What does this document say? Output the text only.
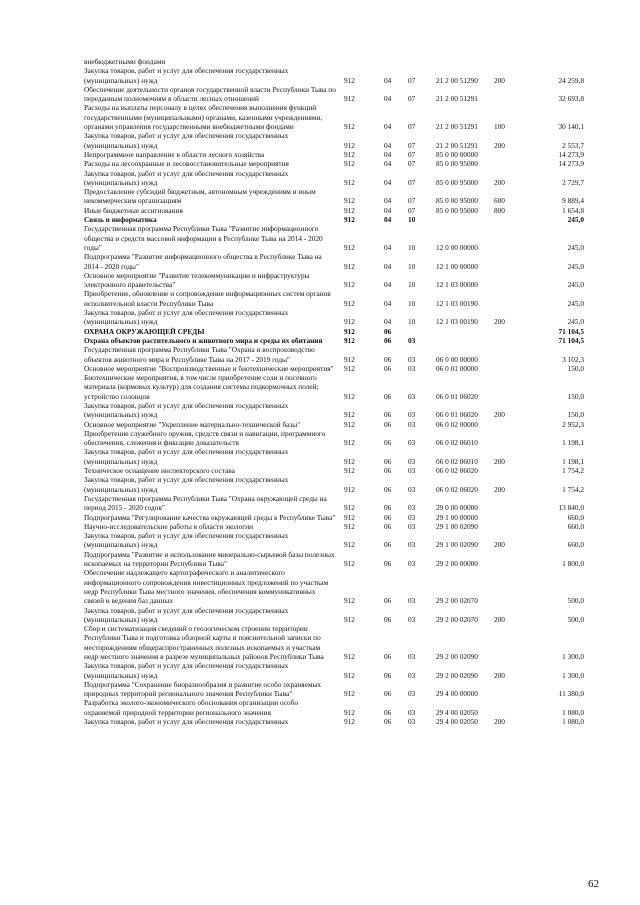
внебюджетными фондами
Закупка товаров, работ и услуг для обеспечения государственных (муниципальных) нужд	912	04 07	21 2 00 51290 200	24 259,8
Обеспечение деятельности органов государственной власти Республики Тыва по переданным полномочиям в области лесных отношений	912	04 07	21 2 00 51291	32 693,8
Расходы на выплаты персоналу в целях обеспечения выполнения функций государственными (муниципальными) органами, казенными учреждениями, органами управления государственными внебюджетными фондами	912	04 07	21 2 00 51291 100	30 140,1
Закупка товаров, работ и услуг для обеспечения государственных (муниципальных) нужд	912	04 07	21 2 00 51291 200	2 553,7
Непрограммное направление в области лесного хозяйства	912	04 07	85 0 00 00000	14 273,9
Расходы на лесоохранные и лесовосстановительные мероприятия	912	04 07	85 0 00 95000	14 273,9
Закупка товаров, работ и услуг для обеспечения государственных (муниципальных) нужд	912	04 07	85 0 00 95000 200	2 729,7
Предоставление субсидий бюджетным, автономным учреждениям и иным некоммерческим организациям	912	04 07	85 0 00 95000 600	9 889,4
Иные бюджетные ассигнования	912	04 07	85 0 00 95000 800	1 654,8
Связь и информатика	912	04 10	245,0
Государственная программа Республики Тыва "Развитие информационного общества и средств массовой информации в Республике Тыва на 2014 - 2020 годы"	912	04 10	12 0 00 00000	245,0
Подпрограмма "Развитие информационного общества в Республике Тыва на 2014 - 2020 годы"	912	04 10	12 1 00 00000	245,0
Основное мероприятие "Развитие телекоммуникации и инфраструктуры электронного правительства"	912	04 10	12 1 03 00000	245,0
Приобретение, обновление и сопровождение информационных систем органов исполнительной власти Республики Тыва	912	04 10	12 1 03 00190	245,0
Закупка товаров, работ и услуг для обеспечения государственных (муниципальных) нужд	912	04 10	12 1 03 00190 200	245,0
ОХРАНА ОКРУЖАЮЩЕЙ СРЕДЫ	912	06	71 104,5
Охрана объектов растительного и животного мира и среды их обитания	912	06 03	71 104,5
Государственная программа Республики Тыва "Охрана и воспроизводство объектов животного мира в Республике Тыва на 2017 - 2019 годы"	912	06 03	06 0 00 00000	3 102,3
Основное мероприятие "Воспроизводственные и биотехнические мероприятия"	912	06 03	06 0 01 00000	150,0
Биотехнические мероприятия, в том числе приобретение соли и посевного материала (кормовых культур) для создания системы подкормочных полей; устройство солонцов	912	06 03	06 0 01 06020	150,0
Закупка товаров, работ и услуг для обеспечения государственных (муниципальных) нужд	912	06 03	06 0 01 06020 200	150,0
Основное мероприятие "Укрепление материально-технической базы"	912	06 03	06 0 02 00000	2 952,3
Приобретение служебного оружия, средств связи и навигации, программного обеспечения, слежения и фиксации доказательств	912	06 03	06 0 02 06010	1 198,1
Закупка товаров, работ и услуг для обеспечения государственных (муниципальных) нужд	912	06 03	06 0 02 06010 200	1 198,1
Техническое оснащение инспекторского состава	912	06 03	06 0 02 06020	1 754,2
Закупка товаров, работ и услуг для обеспечения государственных (муниципальных) нужд	912	06 03	06 0 02 06020 200	1 754,2
Государственная программа Республики Тыва "Охрана окружающей среды на период 2015 - 2020 годов"	912	06 03	29 0 00 00000	13 840,0
Подпрограмма "Регулирование качества окружающей среды в Республике Тыва" 912	06 03	29 1 00 00000	660,0
Научно-исследовательские работы в области экологии	912	06 03	29 1 00 02090	660,0
Закупка товаров, работ и услуг для обеспечения государственных (муниципальных) нужд	912	06 03	29 1 00 02090 200	660,0
Подпрограмма "Развитие и использование минерально-сырьевой базы полезных ископаемых на территории Республики Тыва"	912	06 03	29 2 00 00000	1 800,0
Обеспечение надлежащего картографического и аналитического информационного сопровождения инвестиционных предложений по участкам недр Республики Тыва местного значения, обеспечения коммуникативных связей и ведения баз данных	912	06 03	29 2 00 02070	500,0
Закупка товаров, работ и услуг для обеспечения государственных (муниципальных) нужд	912	06 03	29 2 00 02070 200	500,0
Сбор и систематизация сведений о геологическом строении территории Республики Тыва и подготовка обзорной карты и пояснительной записки по месторождениям общераспространенных полезных ископаемых и участкам недр местного значения в разрезе муниципальных районов Республики Тыва	912	06 03	29 2 00 02090	1 300,0
Закупка товаров, работ и услуг для обеспечения государственных (муниципальных) нужд	912	06 03	29 2 00 02090 200	1 300,0
Подпрограмма "Сохранение биоразнообразия и развитие особо охраняемых природных территорий регионального значения Республики Тыва"	912	06 03	29 4 00 00000	11 380,0
Разработка эколого-экономического обоснования организации особо охраняемой природной территории регионального значения	912	06 03	29 4 00 02050	1 080,0
Закупка товаров, работ и услуг для обеспечения государственных	912	06 03	29 4 00 02050 200	1 080,0
62
